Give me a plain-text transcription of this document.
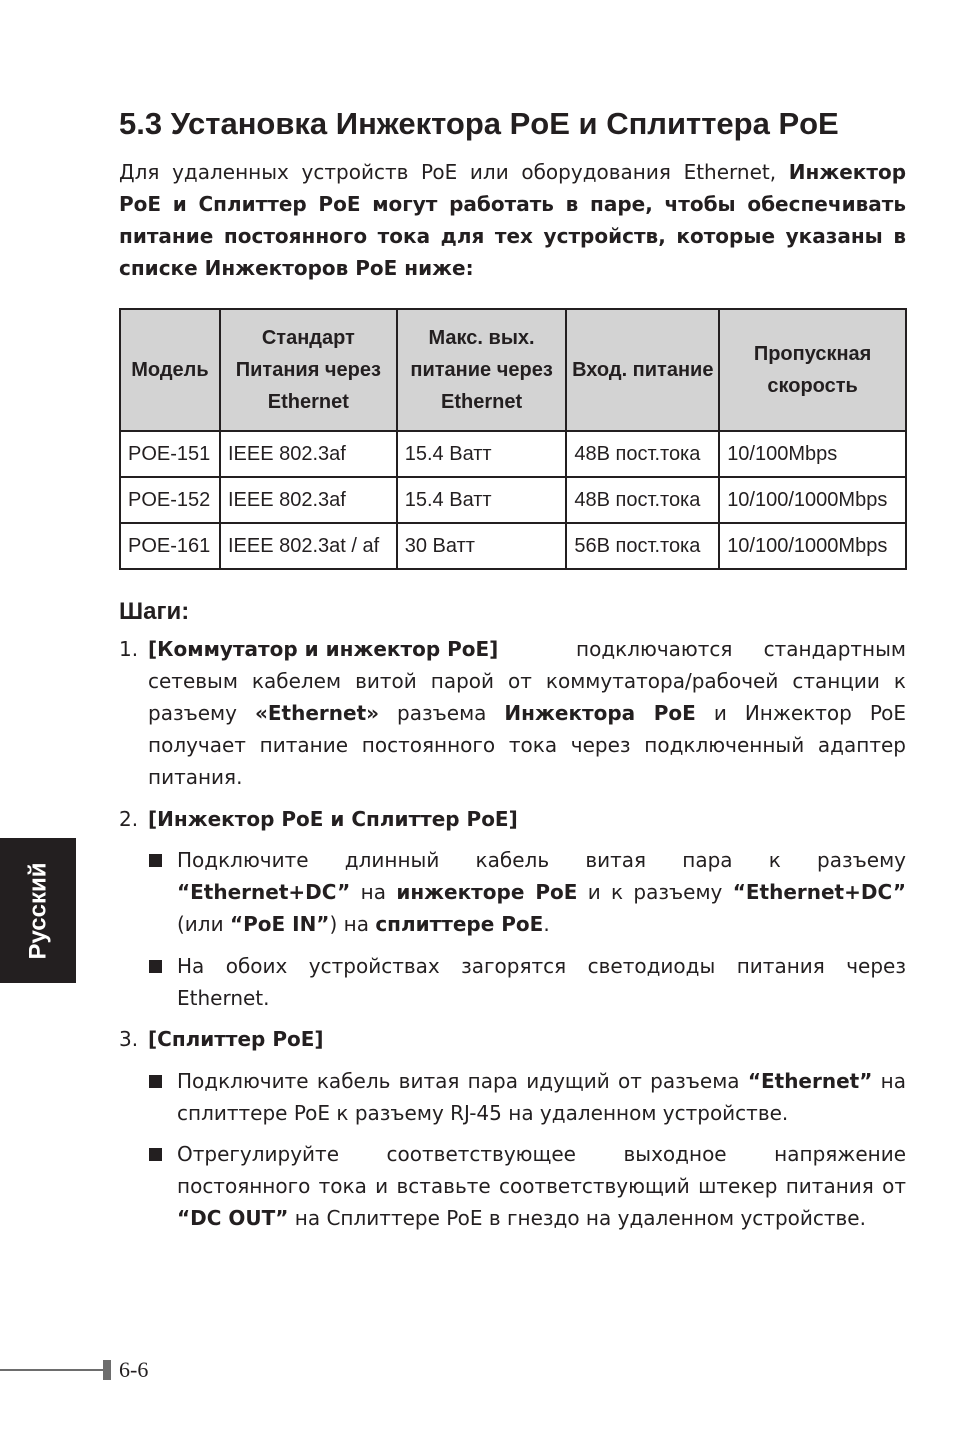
5.3 Установка Инжектора PoE и Сплиттера PoE
Для удаленных устройств PoE или оборудования Ethernet, Инжектор PoE и Сплиттер PoE могут работать в паре, чтобы обеспечивать питание постоянного тока для тех устройств, которые указаны в списке Инжекторов PoE ниже:
Модель	Стандарт Питания через Ethernet	Макс. вых. питание через Ethernet	Вход. питание	Пропускная скорость
POE-151	IEEE 802.3af	15.4 Ватт	48В пост.тока	10/100Mbps
POE-152	IEEE 802.3af	15.4 Ватт	48В пост.тока	10/100/1000Mbps
POE-161	IEEE 802.3at / af	30 Ватт	56В пост.тока	10/100/1000Mbps
Шаги:
1. [Коммутатор и инжектор PoE]	подключаются стандартным сетевым кабелем витой парой от коммутатора/рабочей станции к разъему «Ethernet» разъема Инжектора PoE и Инжектор PoE получает питание постоянного тока через подключенный адаптер питания.
2. [Инжектор PoE и Сплиттер PoE]
Подключите длинный кабель витая пара к разъему “Ethernet+DC” на инжекторе PoE и к разъему “Ethernet+DC” (или “PoE IN”) на сплиттере PoE.
На обоих устройствах загорятся светодиоды питания через Ethernet.
3. [Сплиттер PoE]
Подключите кабель витая пара идущий от разъема “Ethernet” на сплиттере PoE к разъему RJ-45 на удаленном устройстве.
Отрегулируйте соответствующее выходное напряжение постоянного тока и вставьте соответствующий штекер питания от “DC OUT” на Сплиттере PoE в гнездо на удаленном устройстве.
Русский
6-6
